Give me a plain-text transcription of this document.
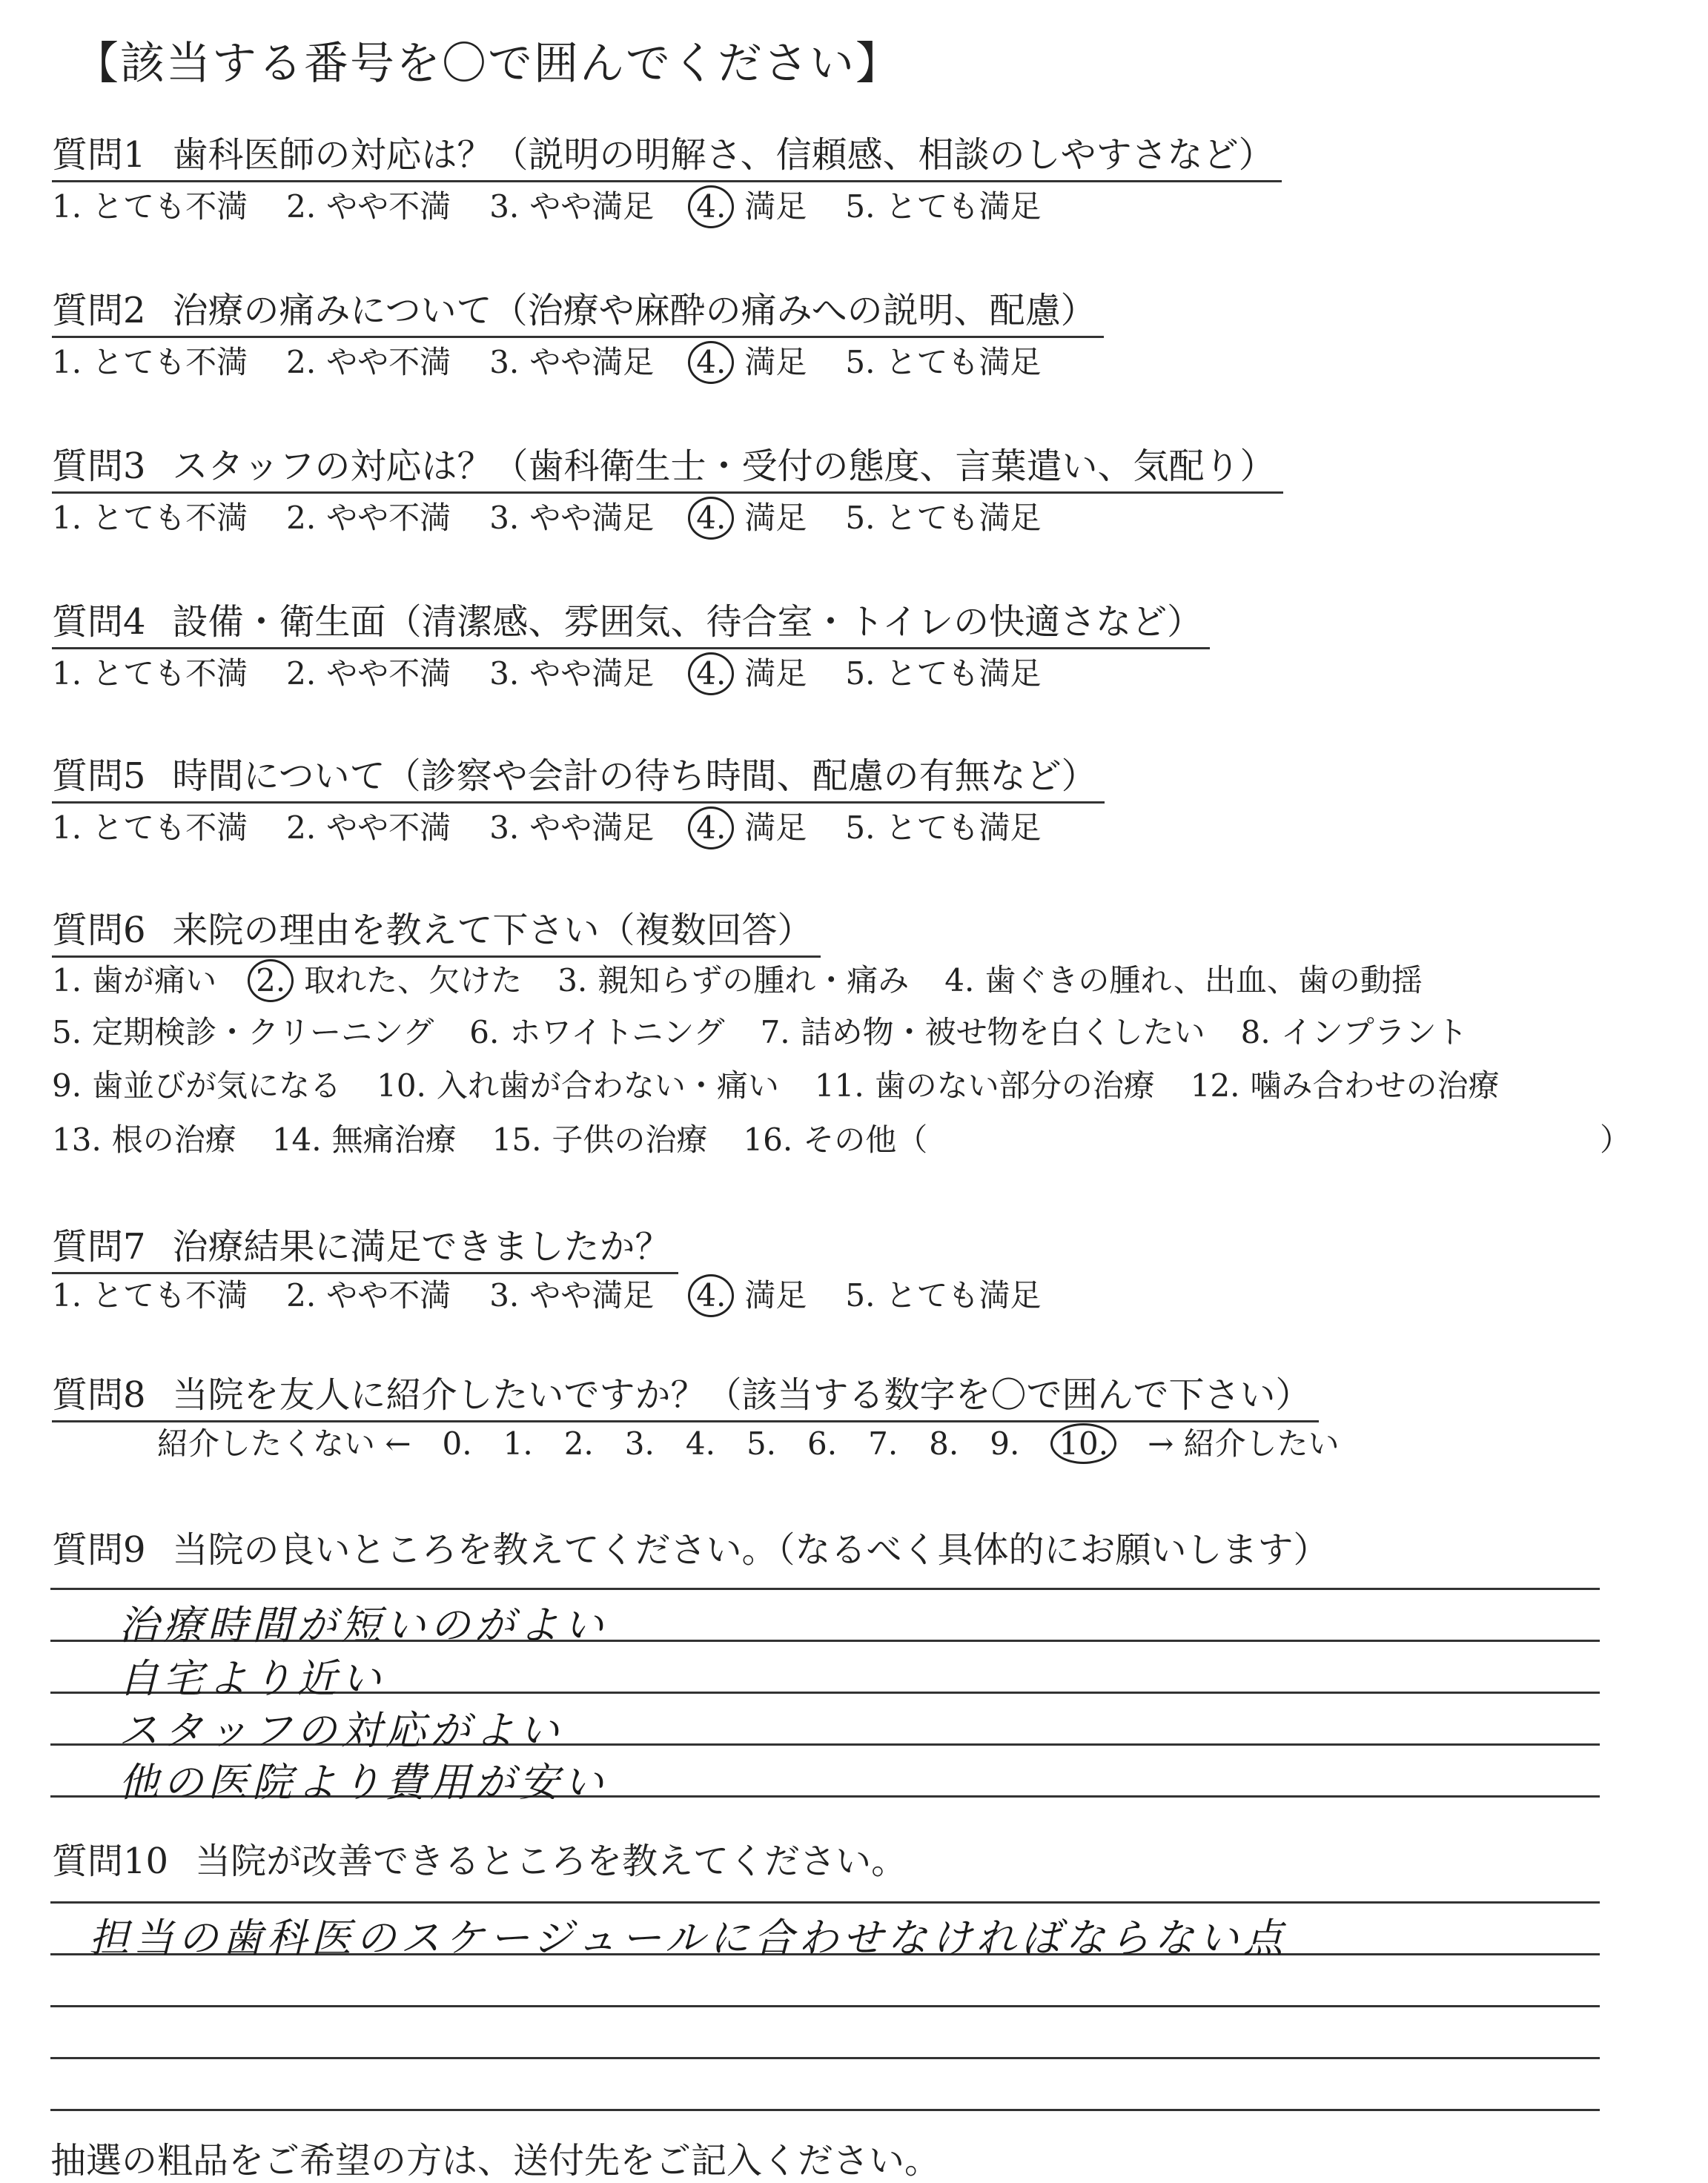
【該当する番号を〇で囲んでください】
質問1 歯科医師の対応は？（説明の明解さ、信頼感、相談のしやすさなど）
1. とても不満 2. やや不満 3. やや満足 4. 満足 5. とても満足
質問2 治療の痛みについて（治療や麻酔の痛みへの説明、配慮）
1. とても不満 2. やや不満 3. やや満足 4. 満足 5. とても満足
質問3 スタッフの対応は？（歯科衛生士・受付の態度、言葉遣い、気配り）
1. とても不満 2. やや不満 3. やや満足 4. 満足 5. とても満足
質問4 設備・衛生面（清潔感、雰囲気、待合室・トイレの快適さなど）
1. とても不満 2. やや不満 3. やや満足 4. 満足 5. とても満足
質問5 時間について（診察や会計の待ち時間、配慮の有無など）
1. とても不満 2. やや不満 3. やや満足 4. 満足 5. とても満足
質問6 来院の理由を教えて下さい（複数回答）
1. 歯が痛い 2. 取れた、欠けた 3. 親知らずの腫れ・痛み 4. 歯ぐきの腫れ、出血、歯の動揺
5. 定期検診・クリーニング 6. ホワイトニング 7. 詰め物・被せ物を白くしたい 8. インプラント
9. 歯並びが気になる 10. 入れ歯が合わない・痛い 11. 歯のない部分の治療 12. 噛み合わせの治療
13. 根の治療 14. 無痛治療 15. 子供の治療 16. その他（	）
質問7 治療結果に満足できましたか？
1. とても不満 2. やや不満 3. やや満足 4. 満足 5. とても満足
質問8 当院を友人に紹介したいですか？（該当する数字を〇で囲んで下さい）
紹介したくない ← 0. 1. 2. 3. 4. 5. 6. 7. 8. 9. 10. → 紹介したい
質問9 当院の良いところを教えてください。（なるべく具体的にお願いします）
治療時間が短いのがよい
自宅より近い
スタッフの対応がよい
他の医院より費用が安い
質問10 当院が改善できるところを教えてください。
担当の歯科医のスケージュールに合わせなければならない点
抽選の粗品をご希望の方は、送付先をご記入ください。
